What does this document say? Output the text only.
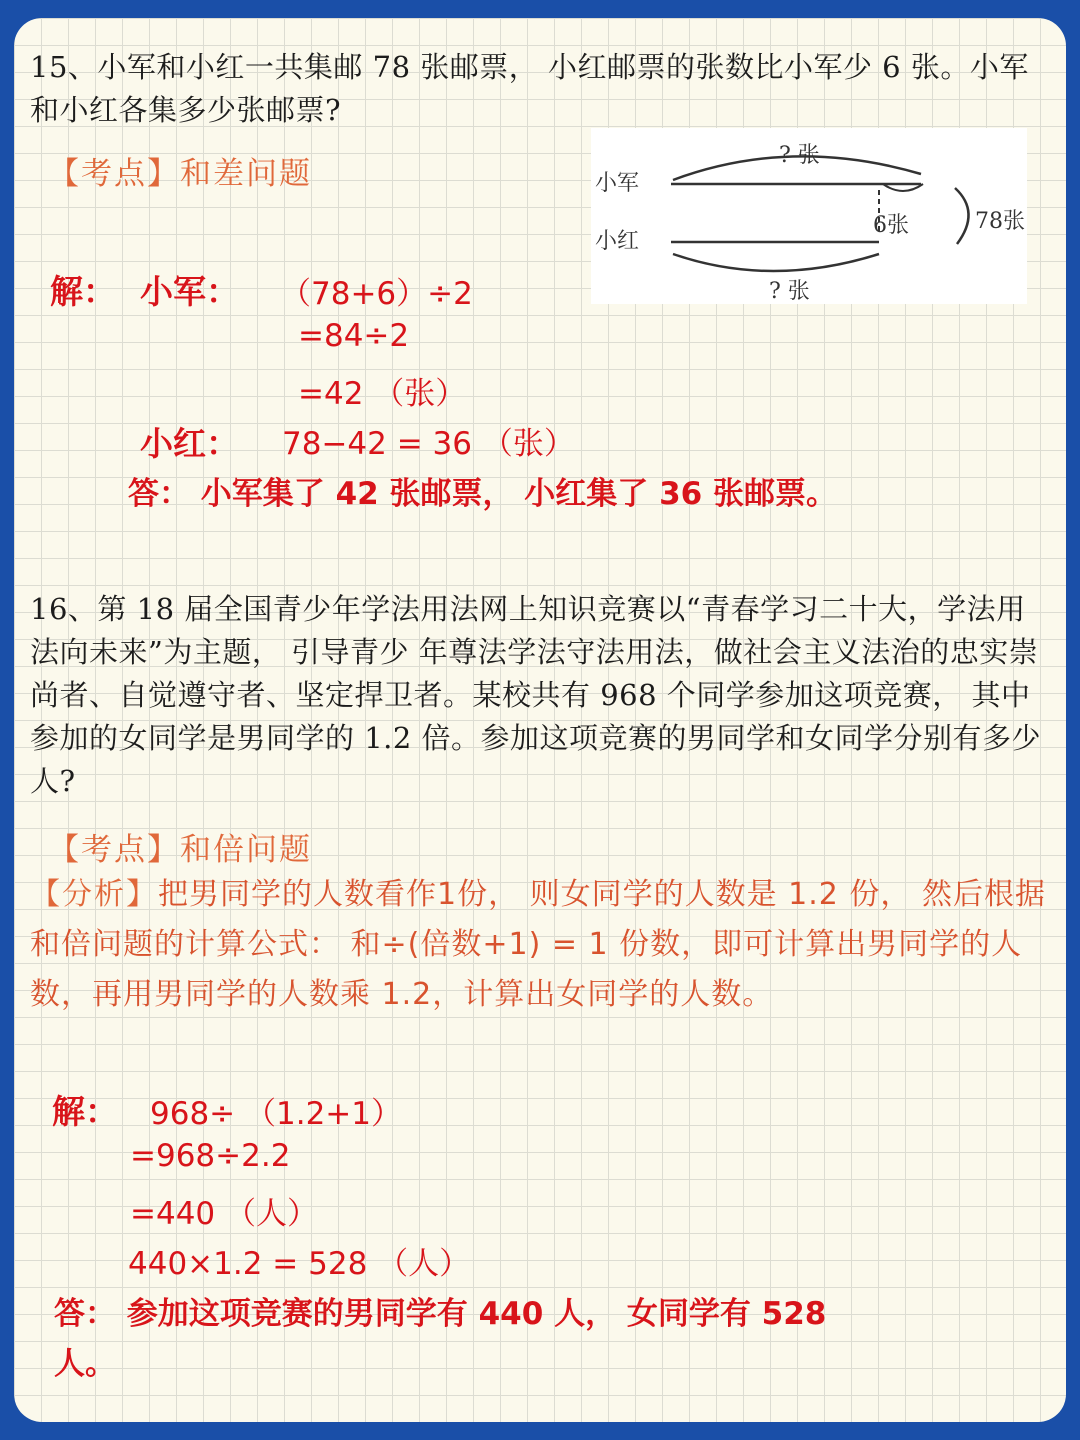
15、小军和小红一共集邮 78 张邮票， 小红邮票的张数比小军少 6 张。小军和小红各集多少张邮票?
【考点】和差问题
? 张
小军
6张	78张
小红
? 张
解： 小军： （78+6）÷2
=84÷2
=42 （张）
小红： 78−42 = 36 （张）
答： 小军集了 42 张邮票， 小红集了 36 张邮票。
16、第 18 届全国青少年学法用法网上知识竞赛以“青春学习二十大，学法用法向未来”为主题， 引导青少 年尊法学法守法用法，做社会主义法治的忠实崇尚者、自觉遵守者、坚定捍卫者。某校共有 968 个同学参加这项竞赛， 其中参加的女同学是男同学的 1.2 倍。参加这项竞赛的男同学和女同学分别有多少人?
【考点】和倍问题
【分析】把男同学的人数看作1份， 则女同学的人数是 1.2 份， 然后根据和倍问题的计算公式： 和÷(倍数+1) = 1 份数，即可计算出男同学的人数，再用男同学的人数乘 1.2，计算出女同学的人数。
解： 968÷ （1.2+1）
=968÷2.2
=440 （人）
440×1.2 = 528 （人）
答： 参加这项竞赛的男同学有 440 人， 女同学有 528
人。
